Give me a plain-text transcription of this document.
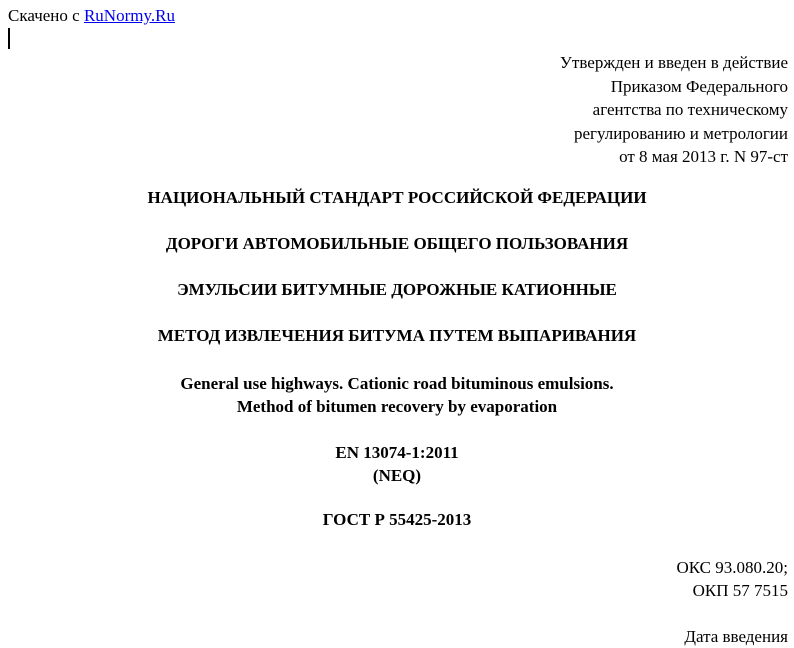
Скачено с RuNormy.Ru
Утвержден и введен в действие
Приказом Федерального
агентства по техническому
регулированию и метрологии
от 8 мая 2013 г. N 97-ст
НАЦИОНАЛЬНЫЙ СТАНДАРТ РОССИЙСКОЙ ФЕДЕРАЦИИ
ДОРОГИ АВТОМОБИЛЬНЫЕ ОБЩЕГО ПОЛЬЗОВАНИЯ
ЭМУЛЬСИИ БИТУМНЫЕ ДОРОЖНЫЕ КАТИОННЫЕ
МЕТОД ИЗВЛЕЧЕНИЯ БИТУМА ПУТЕМ ВЫПАРИВАНИЯ
General use highways. Cationic road bituminous emulsions.
Method of bitumen recovery by evaporation
EN 13074-1:2011
(NEQ)
ГОСТ Р 55425-2013
ОКС 93.080.20;
ОКП 57 7515
Дата введения
